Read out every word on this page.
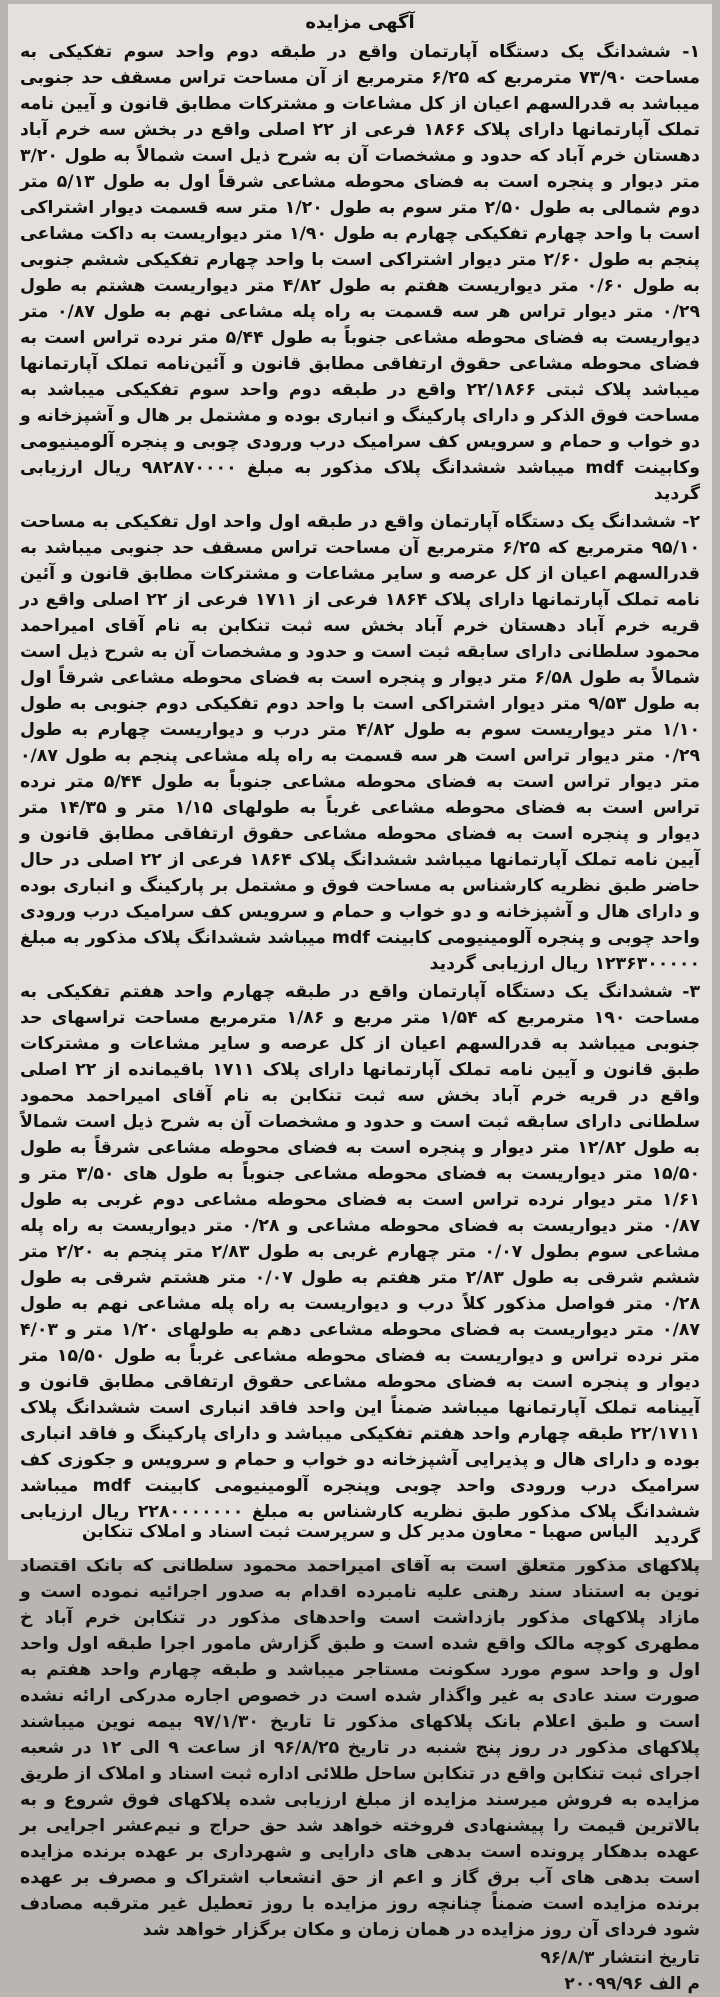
آگهی مزایده

۱- ششدانگ یک دستگاه آپارتمان واقع در طبقه دوم واحد سوم تفکیکی به مساحت ۷۳/۹۰ مترمربع که ۶/۲۵ مترمربع از آن مساحت تراس مسقف حد جنوبی میباشد به قدرالسهم اعیان از کل مشاعات و مشترکات مطابق قانون و آیین نامه تملک آپارتمانها دارای پلاک ۱۸۶۶ فرعی از ۲۲ اصلی واقع در بخش سه خرم آباد دهستان خرم آباد که حدود و مشخصات آن به شرح ذیل است شمالاً به طول ۳/۲۰ متر دیوار و پنجره است به فضای محوطه مشاعی شرقاً اول به طول ۵/۱۳ متر دوم شمالی به طول ۲/۵۰ متر سوم به طول ۱/۲۰ متر سه قسمت دیوار اشتراکی است با واحد چهارم تفکیکی چهارم به طول ۱/۹۰ متر دیواریست به داکت مشاعی پنجم به طول ۲/۶۰ متر دیوار اشتراکی است با واحد چهارم تفکیکی ششم جنوبی به طول ۰/۶۰ متر دیواریست هفتم به طول ۴/۸۲ متر دیواریست هشتم به طول ۰/۲۹ متر دیوار تراس هر سه قسمت به راه پله مشاعی نهم به طول ۰/۸۷ متر دیواریست به فضای محوطه مشاعی جنوباً به طول ۵/۴۴ متر نرده تراس است به فضای محوطه مشاعی حقوق ارتفاقی مطابق قانون و آئین‌نامه تملک آپارتمانها میباشد پلاک ثبتی ۲۲/۱۸۶۶ واقع در طبقه دوم واحد سوم تفکیکی میباشد به مساحت فوق الذکر و دارای پارکینگ و انباری بوده و مشتمل بر هال و آشپزخانه و دو خواب و حمام و سرویس کف سرامیک درب ورودی چوبی و پنجره آلومینیومی وکابینت mdf میباشد ششدانگ پلاک مذکور به مبلغ ۹۸۲۸۷۰۰۰۰ ریال ارزیابی گردید

۲- ششدانگ یک دستگاه آپارتمان واقع در طبقه اول واحد اول تفکیکی به مساحت ۹۵/۱۰ مترمربع که ۶/۲۵ مترمربع آن مساحت تراس مسقف حد جنوبی میباشد به قدرالسهم اعیان از کل عرصه و سایر مشاعات و مشترکات مطابق قانون و آئین نامه تملک آپارتمانها دارای پلاک ۱۸۶۴ فرعی از ۱۷۱۱ فرعی از ۲۲ اصلی واقع در قریه خرم آباد دهستان خرم آباد بخش سه ثبت تنکابن به نام آقای امیراحمد محمود سلطانی دارای سابقه ثبت است و حدود و مشخصات آن به شرح ذیل است شمالاً به طول ۶/۵۸ متر دیوار و پنجره است به فضای محوطه مشاعی شرقاً اول به طول ۹/۵۳ متر دیوار اشتراکی است با واحد دوم تفکیکی دوم جنوبی به طول ۱/۱۰ متر دیواریست سوم به طول ۴/۸۲ متر درب و دیواریست چهارم به طول ۰/۲۹ متر دیوار تراس است هر سه قسمت به راه پله مشاعی پنجم به طول ۰/۸۷ متر دیوار تراس است به فضای محوطه مشاعی جنوباً به طول ۵/۴۴ متر نرده تراس است به فضای محوطه مشاعی غرباً به طولهای ۱/۱۵ متر و ۱۴/۳۵ متر دیوار و پنجره است به فضای محوطه مشاعی حقوق ارتفاقی مطابق قانون و آیین نامه تملک آپارتمانها میباشد ششدانگ پلاک ۱۸۶۴ فرعی از ۲۲ اصلی در حال حاضر طبق نظریه کارشناس به مساحت فوق و مشتمل بر پارکینگ و انباری بوده و دارای هال و آشپزخانه و دو خواب و حمام و سرویس کف سرامیک درب ورودی واحد چوبی و پنجره آلومینیومی کابینت mdf میباشد ششدانگ پلاک مذکور به مبلغ ۱۲۳۶۳۰۰۰۰۰ ریال ارزیابی گردید

۳- ششدانگ یک دستگاه آپارتمان واقع در طبقه چهارم واحد هفتم تفکیکی به مساحت ۱۹۰ مترمربع که ۱/۵۴ متر مربع و ۱/۸۶ مترمربع مساحت تراسهای حد جنوبی میباشد به قدرالسهم اعیان از کل عرصه و سایر مشاعات و مشترکات طبق قانون و آیین نامه تملک آپارتمانها دارای پلاک ۱۷۱۱ باقیمانده از ۲۲ اصلی واقع در قریه خرم آباد بخش سه ثبت تنکابن به نام آقای امیراحمد محمود سلطانی دارای سابقه ثبت است و حدود و مشخصات آن به شرح ذیل است شمالاً به طول ۱۲/۸۲ متر دیوار و پنجره است به فضای محوطه مشاعی شرقاً به طول ۱۵/۵۰ متر دیواریست به فضای محوطه مشاعی جنوباً به طول های ۳/۵۰ متر و ۱/۶۱ متر دیوار نرده تراس است به فضای محوطه مشاعی دوم غربی به طول ۰/۸۷ متر دیواریست به فضای محوطه مشاعی و ۰/۲۸ متر دیواریست به راه پله مشاعی سوم بطول ۰/۰۷ متر چهارم غربی به طول ۲/۸۳ متر پنجم به ۲/۲۰ متر ششم شرقی به طول ۲/۸۳ متر هفتم به طول ۰/۰۷ متر هشتم شرقی به طول ۰/۲۸ متر فواصل مذکور کلاً درب و دیواریست به راه پله مشاعی نهم به طول ۰/۸۷ متر دیواریست به فضای محوطه مشاعی دهم به طولهای ۱/۲۰ متر و ۴/۰۳ متر نرده تراس و دیواریست به فضای محوطه مشاعی غرباً به طول ۱۵/۵۰ متر دیوار و پنجره است به فضای محوطه مشاعی حقوق ارتفاقی مطابق قانون و آیینامه تملک آپارتمانها میباشد ضمناً این واحد فاقد انباری است ششدانگ پلاک ۲۲/۱۷۱۱ طبقه چهارم واحد هفتم تفکیکی میباشد و دارای پارکینگ و فاقد انباری بوده و دارای هال و پذیرایی آشپزخانه دو خواب و حمام و سرویس و جکوزی کف سرامیک درب ورودی واحد چوبی وپنجره آلومینیومی کابینت mdf میباشد ششدانگ پلاک مذکور طبق نظریه کارشناس به مبلغ ۲۲۸۰۰۰۰۰۰۰ ریال ارزیابی گردید

پلاکهای مذکور متعلق است به آقای امیراحمد محمود سلطانی که بانک اقتصاد نوین به استناد سند رهنی علیه نامبرده اقدام به صدور اجرائیه نموده است و مازاد پلاکهای مذکور بازداشت است واحدهای مذکور در تنکابن خرم آباد خ مطهری کوچه مالک واقع شده است و طبق گزارش مامور اجرا طبقه اول واحد اول و واحد سوم مورد سکونت مستاجر میباشد و طبقه چهارم واحد هفتم به صورت سند عادی به غیر واگذار شده است در خصوص اجاره مدرکی ارائه نشده است و طبق اعلام بانک پلاکهای مذکور تا تاریخ ۹۷/۱/۳۰ بیمه نوین میباشند پلاکهای مذکور در روز پنج شنبه در تاریخ ۹۶/۸/۲۵ از ساعت ۹ الی ۱۲ در شعبه اجرای ثبت تنکابن واقع در تنکابن ساحل طلائی اداره ثبت اسناد و املاک از طریق مزایده به فروش میرسند مزایده از مبلغ ارزیابی شده پلاکهای فوق شروع و به بالاترین قیمت را پیشنهادی فروخته خواهد شد حق حراج و نیم‌عشر اجرایی بر عهده بدهکار پرونده است بدهی های دارایی و شهرداری بر عهده برنده مزایده است بدهی های آب برق گاز و اعم از حق انشعاب اشتراک و مصرف بر عهده برنده مزایده است ضمناً چنانچه روز مزایده با روز تعطیل غیر مترقبه مصادف شود فردای آن روز مزایده در همان زمان و مکان برگزار خواهد شد

تاریخ انتشار ۹۶/۸/۳

م الف ۲۰۰۹۹/۹۶

الیاس صهبا - معاون مدیر کل و سرپرست ثبت اسناد و املاک تنکابن
